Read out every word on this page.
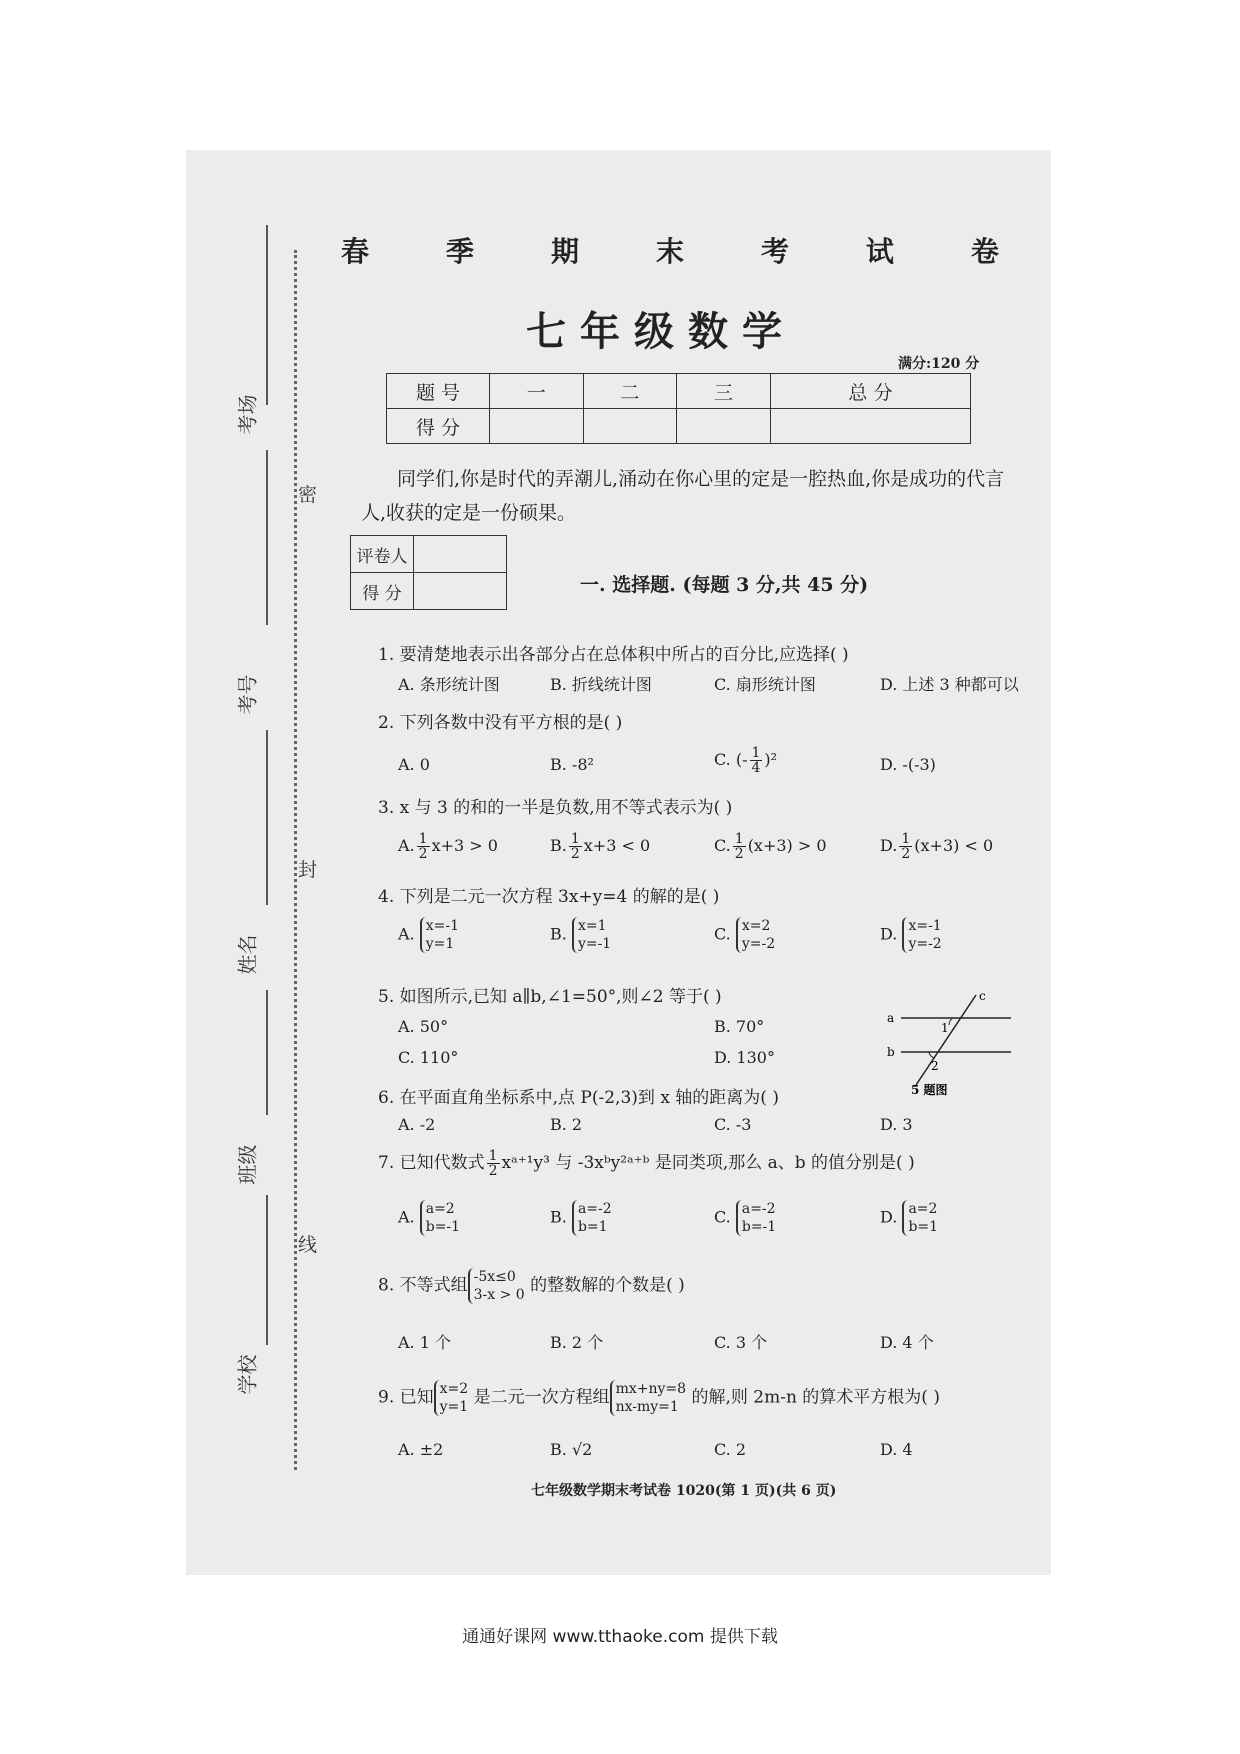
考场
考号
姓名
班级
学校
密
封
线
春	季	期	末	考	试	卷
七年级数学
满分:120 分
题 号	一	二	三	总 分
得 分				
同学们,你是时代的弄潮儿,涌动在你心里的定是一腔热血,你是成功的代言人,收获的定是一份硕果。
评卷人	
得 分		一. 选择题. (每题 3 分,共 45 分)
1. 要清楚地表示出各部分占在总体积中所占的百分比,应选择( )
A. 条形统计图	B. 折线统计图	C. 扇形统计图	D. 上述 3 种都可以
2. 下列各数中没有平方根的是( )
A. 0	B. -8²	C. (- $\frac{1}{4} )^2$	D. -(-3)
3. x 与 3 的和的一半是负数,用不等式表示为( )
A. $\frac{1}{2} x+3 > 0$	B. $\frac{1}{2} x+3 < 0$	C. $\frac{1}{2} (x+3) > 0$	D. $\frac{1}{2} (x+3) < 0$
4. 下列是二元一次方程 3x+y=4 的解的是( )
A. x=-1
y=1
B. x=1
y=-1
C. x=2
y=-2
D. x=-1
y=-2
5. 如图所示,已知 a∥b,∠1=50°,则∠2 等于( )
A. 50°	B. 70°
C. 110°	D. 130°
a
b
c
1
2
5 题图
6. 在平面直角坐标系中,点 P(-2,3)到 x 轴的距离为( )
A. -2	B. 2	C. -3	D. 3
7. 已知代数式 $\frac{1}{2}$ xᵃ⁺¹y³ 与 -3xᵇy²ᵃ⁺ᵇ 是同类项,那么 a、b 的值分别是( )
A. a=2
b=-1
B. a=-2
b=1
C. a=-2
b=-1
D. a=2
b=1
8. 不等式组 -5x≤0
3-x > 0 的整数解的个数是( )
A. 1 个	B. 2 个	C. 3 个	D. 4 个
9. 已知 x=2
y=1 是二元一次方程组 mx+ny=8
nx-my=1 的解,则 2m-n 的算术平方根为( )
A. ±2	B. √2	C. 2	D. 4
七年级数学期末考试卷 1020(第 1 页)(共 6 页)
通通好课网 www.tthaoke.com 提供下载
